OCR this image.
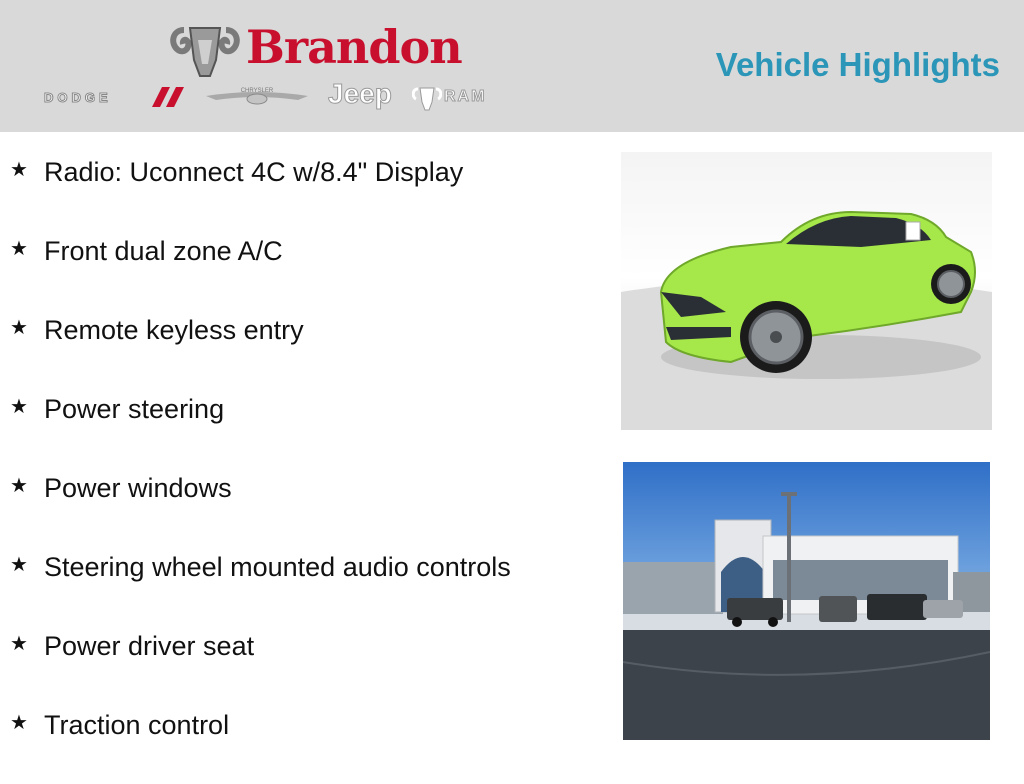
Brandon
DODGE	CHRYSLER Jeep	RAM
Vehicle Highlights
★ Radio: Uconnect 4C w/8.4" Display
★ Front dual zone A/C
★ Remote keyless entry
★ Power steering
★ Power windows
★ Steering wheel mounted audio controls
★ Power driver seat
★ Traction control
